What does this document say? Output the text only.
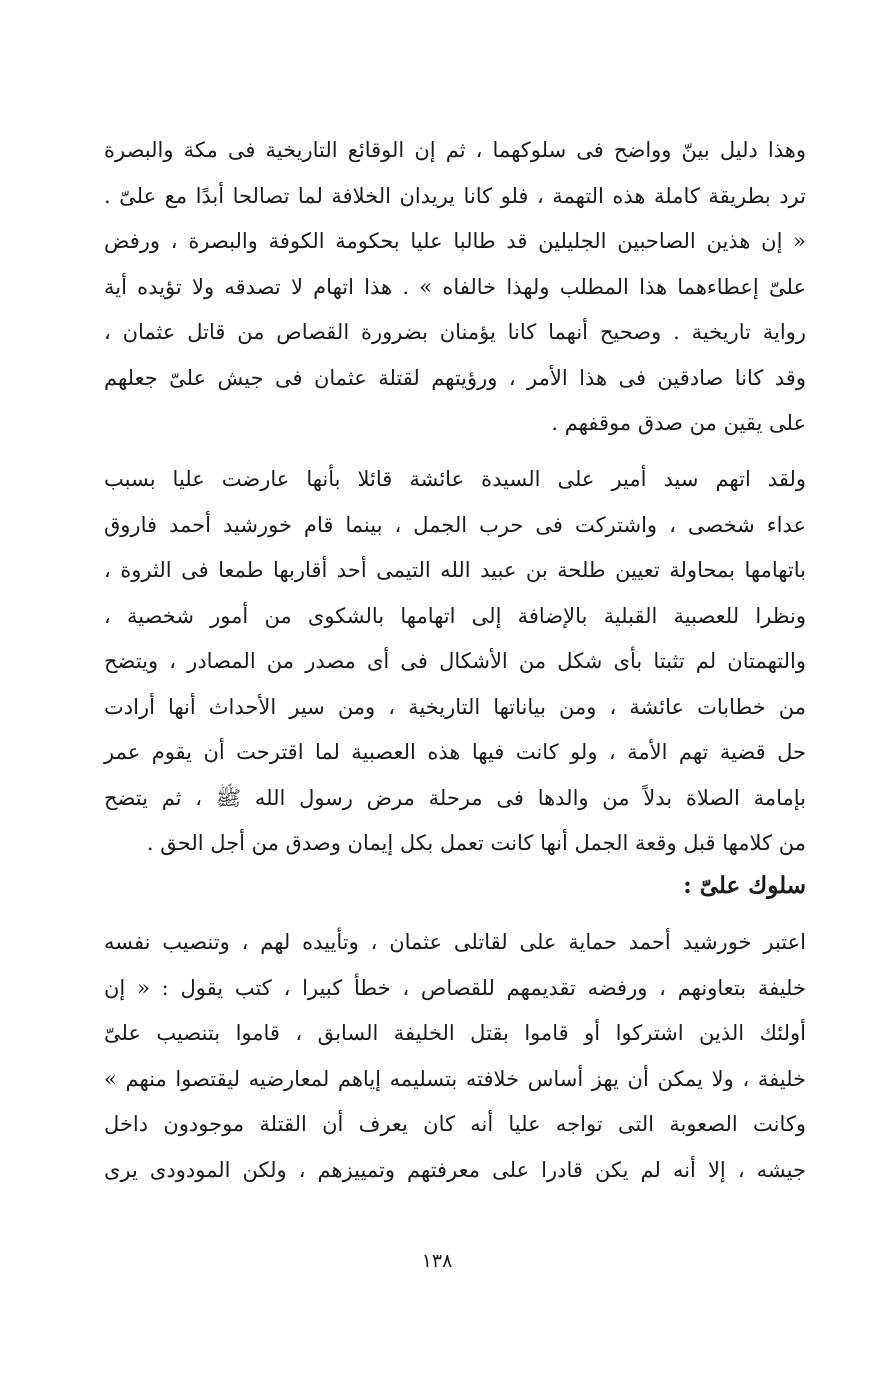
وهذا دليل بينّ وواضح فى سلوكهما ، ثم إن الوقائع التاريخية فى مكة والبصرة
ترد بطريقة كاملة هذه التهمة ، فلو كانا يريدان الخلافة لما تصالحا أبدًا مع علىّ .
« إن هذين الصاحبين الجليلين قد طالبا عليا بحكومة الكوفة والبصرة ، ورفض
علىّ إعطاءهما هذا المطلب ولهذا خالفاه » . هذا اتهام لا تصدقه ولا تؤيده أية
رواية تاريخية . وصحيح أنهما كانا يؤمنان بضرورة القصاص من قاتل عثمان ،
وقد كانا صادقين فى هذا الأمر ، ورؤيتهم لقتلة عثمان فى جيش علىّ جعلهم
على يقين من صدق موقفهم .
ولقد اتهم سيد أمير على السيدة عائشة قائلا بأنها عارضت عليا بسبب
عداء شخصى ، واشتركت فى حرب الجمل ، بينما قام خورشيد أحمد فاروق
باتهامها بمحاولة تعيين طلحة بن عبيد الله التيمى أحد أقاربها طمعا فى الثروة ،
ونظرا للعصبية القبلية بالإضافة إلى اتهامها بالشكوى من أمور شخصية ،
والتهمتان لم تثبتا بأى شكل من الأشكال فى أى مصدر من المصادر ، ويتضح
من خطابات عائشة ، ومن بياناتها التاريخية ، ومن سير الأحداث أنها أرادت
حل قضية تهم الأمة ، ولو كانت فيها هذه العصبية لما اقترحت أن يقوم عمر
بإمامة الصلاة بدلاً من والدها فى مرحلة مرض رسول الله ﷺ ، ثم يتضح
من كلامها قبل وقعة الجمل أنها كانت تعمل بكل إيمان وصدق من أجل الحق .
سلوك علىّ :
اعتبر خورشيد أحمد حماية على لقاتلى عثمان ، وتأييده لهم ، وتنصيب نفسه
خليفة بتعاونهم ، ورفضه تقديمهم للقصاص ، خطأ كبيرا ، كتب يقول : « إن
أولئك الذين اشتركوا أو قاموا بقتل الخليفة السابق ، قاموا بتنصيب علىّ
خليفة ، ولا يمكن أن يهز أساس خلافته بتسليمه إياهم لمعارضيه ليقتصوا منهم »
وكانت الصعوبة التى تواجه عليا أنه كان يعرف أن القتلة موجودون داخل
جيشه ، إلا أنه لم يكن قادرا على معرفتهم وتمييزهم ، ولكن المودودى يرى
١٣٨
